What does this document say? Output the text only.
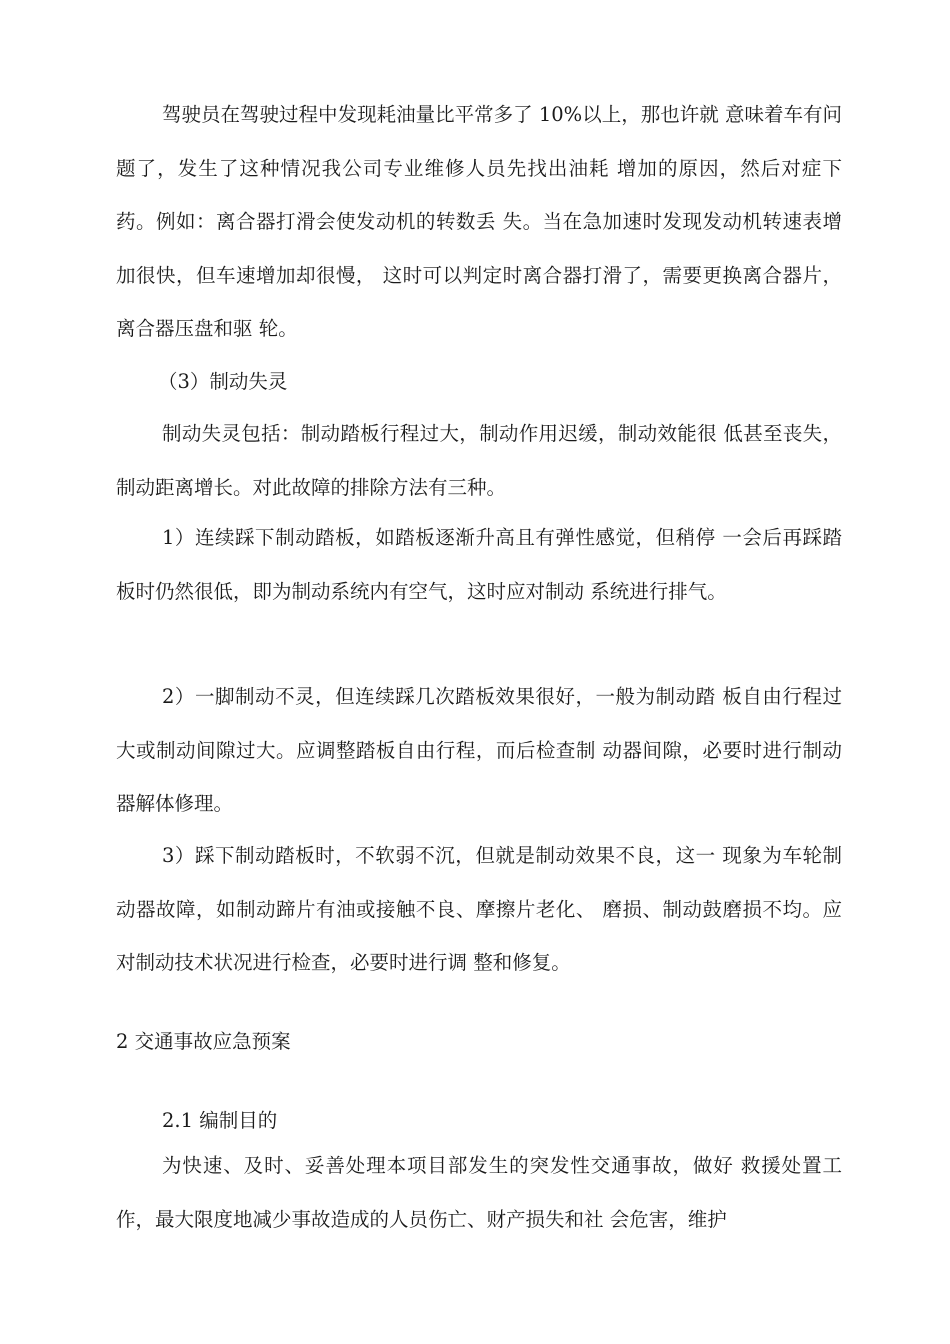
驾驶员在驾驶过程中发现耗油量比平常多了 10%以上，那也许就 意味着车有问题了，发生了这种情况我公司专业维修人员先找出油耗 增加的原因，然后对症下药。例如：离合器打滑会使发动机的转数丢 失。当在急加速时发现发动机转速表增加很快，但车速增加却很慢， 这时可以判定时离合器打滑了，需要更换离合器片，离合器压盘和驱 轮。

（3）制动失灵

制动失灵包括：制动踏板行程过大，制动作用迟缓，制动效能很 低甚至丧失，制动距离增长。对此故障的排除方法有三种。

1）连续踩下制动踏板，如踏板逐渐升高且有弹性感觉，但稍停 一会后再踩踏板时仍然很低，即为制动系统内有空气，这时应对制动 系统进行排气。

2）一脚制动不灵，但连续踩几次踏板效果很好，一般为制动踏 板自由行程过大或制动间隙过大。应调整踏板自由行程，而后检查制 动器间隙，必要时进行制动器解体修理。

3）踩下制动踏板时，不软弱不沉，但就是制动效果不良，这一 现象为车轮制动器故障，如制动蹄片有油或接触不良、摩擦片老化、 磨损、制动鼓磨损不均。应对制动技术状况进行检查，必要时进行调 整和修复。

2 交通事故应急预案

2.1 编制目的

为快速、及时、妥善处理本项目部发生的突发性交通事故，做好 救援处置工作，最大限度地减少事故造成的人员伤亡、财产损失和社 会危害，维护
